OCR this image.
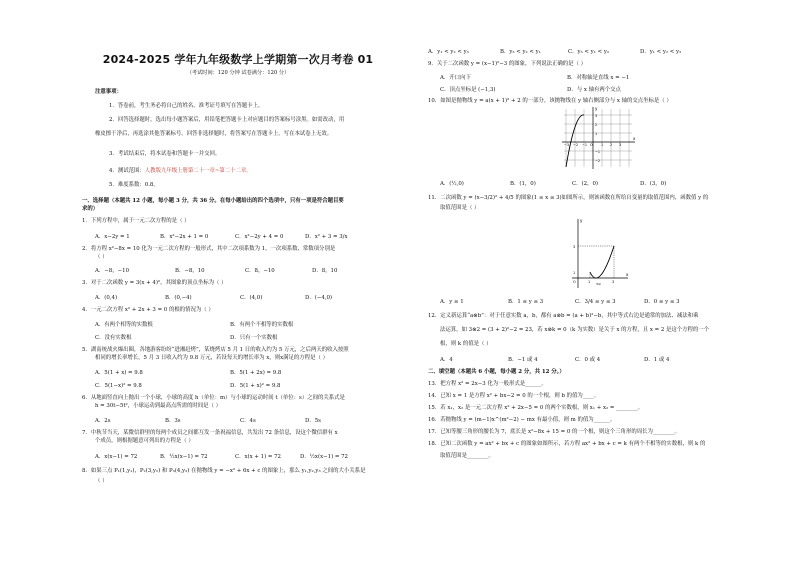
2024-2025 学年九年级数学上学期第一次月考卷 01
（考试时间：120 分钟 试卷满分：120 分）
注意事项：
1．答卷前，考生务必将自己的姓名、准考证号填写在答题卡上。
2．回答选择题时，选出每小题答案后，用铅笔把答题卡上对应题目的答案标号涂黑。如需改动，用
橡皮擦干净后，再选涂其他答案标号。回答非选择题时，将答案写在答题卡上。写在本试卷上无效。
3．考试结束后，将本试卷和答题卡一并交回。
4．测试范围：人教版九年级上册第二十一章~第二十二章。
5．难度系数：0.8。
一、选择题（本题共 12 小题，每小题 3 分，共 36 分。在每小题给出的四个选项中，只有一项是符合题目要
求的）
1．下列方程中，属于一元二次方程的是（ ）
A．x−2y = 1	B．x²−2x + 1 = 0	C．x²−2y + 4 = 0	D．x² + 3 = 3/x
2．将方程 x²−8x = 10 化为一元二次方程的一般形式，其中二次项系数为 1，一次项系数、常数项分别是
（ ）
A．−8，−10	B．−8，10	C．8，−10	D．8，10
3．对于二次函数 y = 3(x + 4)²，其图象的顶点坐标为（ ）
A．(0,4)	B．(0,−4)	C．(4,0)	D．(−4,0)
4．一元二次方程 x² + 2x + 3 = 0 的根的情况为（ ）
A．有两个相等的实数根	B．有两个不相等的实数根
C．没有实数根	D．只有一个实数根
5．湖南统战火爆出圈，各地游客纷纷“进湘赶烤”，某烧烤店 5 月 1 日的收入约为 5 万元，之后两天的收入按照
相同的增长率增长，5 月 3 日收入约为 9.8 万元，若设每天的增长率为 x，则x满足的方程是（ ）
A．5(1 + x) = 9.8	B．5(1 + 2x) = 9.8
C．5(1−x)² = 9.8	D．5(1 + x)² = 9.8
6．从地面竖直向上抛出一个小球，小球的高度 h（单位：m）与小球的运动时间 t（单位：s）之间的关系式是
h = 30t−5t²，小球运动到最高点所需的时间是（ ）
A．2s	B．3s	C．4s	D．5s
7．中秋节当天，某微信群里的每两个成员之间都互发一条祝福信息，共发出 72 条信息，设这个微信群有 x
个成员，则根据题意可列出的方程是（ ）
A．x(x−1) = 72	B．½x(x−1) = 72	C．x(x + 1) = 72	D．½x(x−1) = 72
8．如果三点 P₁(1,y₁)，P₂(3,y₂) 和 P₃(4,y₃) 在抛物线 y = −x² + 6x + c 的图象上，那么 y₁,y₂,y₃ 之间的大小关系是
（ ）
A．y₁ < y₂ < y₃	B．y₃ < y₂ < y₁	C．y₃ < y₁ < y₂	D．y₁ < y₂ < y₃
9．关于二次函数 y = (x−1)²−3 的图象，下列说法正确的是（ ）
A．开口向下	B．对称轴是直线 x = −1
C．顶点坐标是 (−1,3)	D．与 x 轴有两个交点
10．如图是抛物线 y = a(x + 1)² + 2 的一部分，该抛物线在 y 轴右侧部分与 x 轴的交点坐标是（ ）
x
y
−3 −2 −1 O 1 2 3
3
2
1
−1
−2
A．(½,0)	B．(1，0)	C．(2，0)	D．(3，0)
11．二次函数 y = (x−3/2)² + 4/5 的图象(1 ≤ x ≤ 3)如图所示，则该函数在所给自变量的取值范围内，函数值 y 的
取值范围是（ ）
x
y
3
1
O	1 3/2	3
A．y ≥ 1	B．1 ≤ y ≤ 3	C．3/4 ≤ y ≤ 3	D．0 ≤ y ≤ 3
12．定义新运算“a⊗b”：对于任意实数 a，b，都有 a⊗b = (a + b)²−b，其中等式右边是通常的加法、减法和乘
法运算，如 3⊗2 = (3 + 2)²−2 = 23，若 x⊗k = 0（k 为实数）是关于 x 的方程，且 x = 2 是这个方程的一个
根，则 k 的值是（ ）
A．4	B．−1 或 4	C．0 或 4	D．1 或 4
二、填空题（本题共 6 小题，每小题 2 分，共 12 分。）
13．把方程 x² = 2x−3 化为一般形式是______。
14．已知 x = 1 是方程 x² + bx−2 = 0 的一个根，则 b 的值为____。
15．若 x₁，x₂ 是一元二次方程 x² + 2x−5 = 0 的两个实数根，则 x₁ + x₂ = ________。
16．若抛物线 y = (m−1)x^(m²−2) − mx 有最小值，则 m 的值为______。
17．已知等腰三角形的腰长为 7，底长是 x²−8x + 15 = 0 的一个根，则这个三角形的周长为________。
18．已知二次函数 y = ax² + bx + c 的图象如图所示，若方程 ax² + bx + c = k 有两个不相等的实数根，则 k 的
取值范围是________。
